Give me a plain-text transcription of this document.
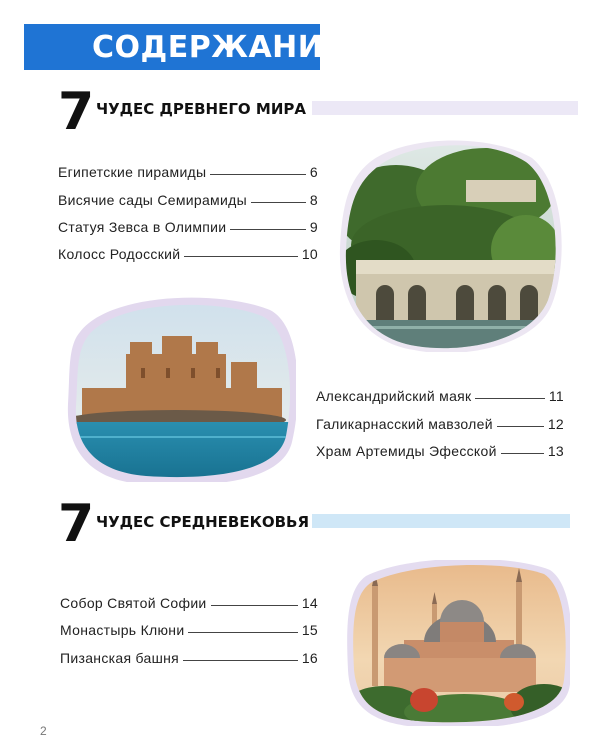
СОДЕРЖАНИЕ
7 ЧУДЕС ДРЕВНЕГО МИРА
Египетские пирамиды	6
Висячие сады Семирамиды	8
Статуя Зевса в Олимпии	9
Колосс Родосский	10
Александрийский маяк	11
Галикарнасский мавзолей	12
Храм Артемиды Эфесской	13
7 ЧУДЕС СРЕДНЕВЕКОВЬЯ
Собор Святой Софии	14
Монастырь Клюни	15
Пизанская башня	16
2
